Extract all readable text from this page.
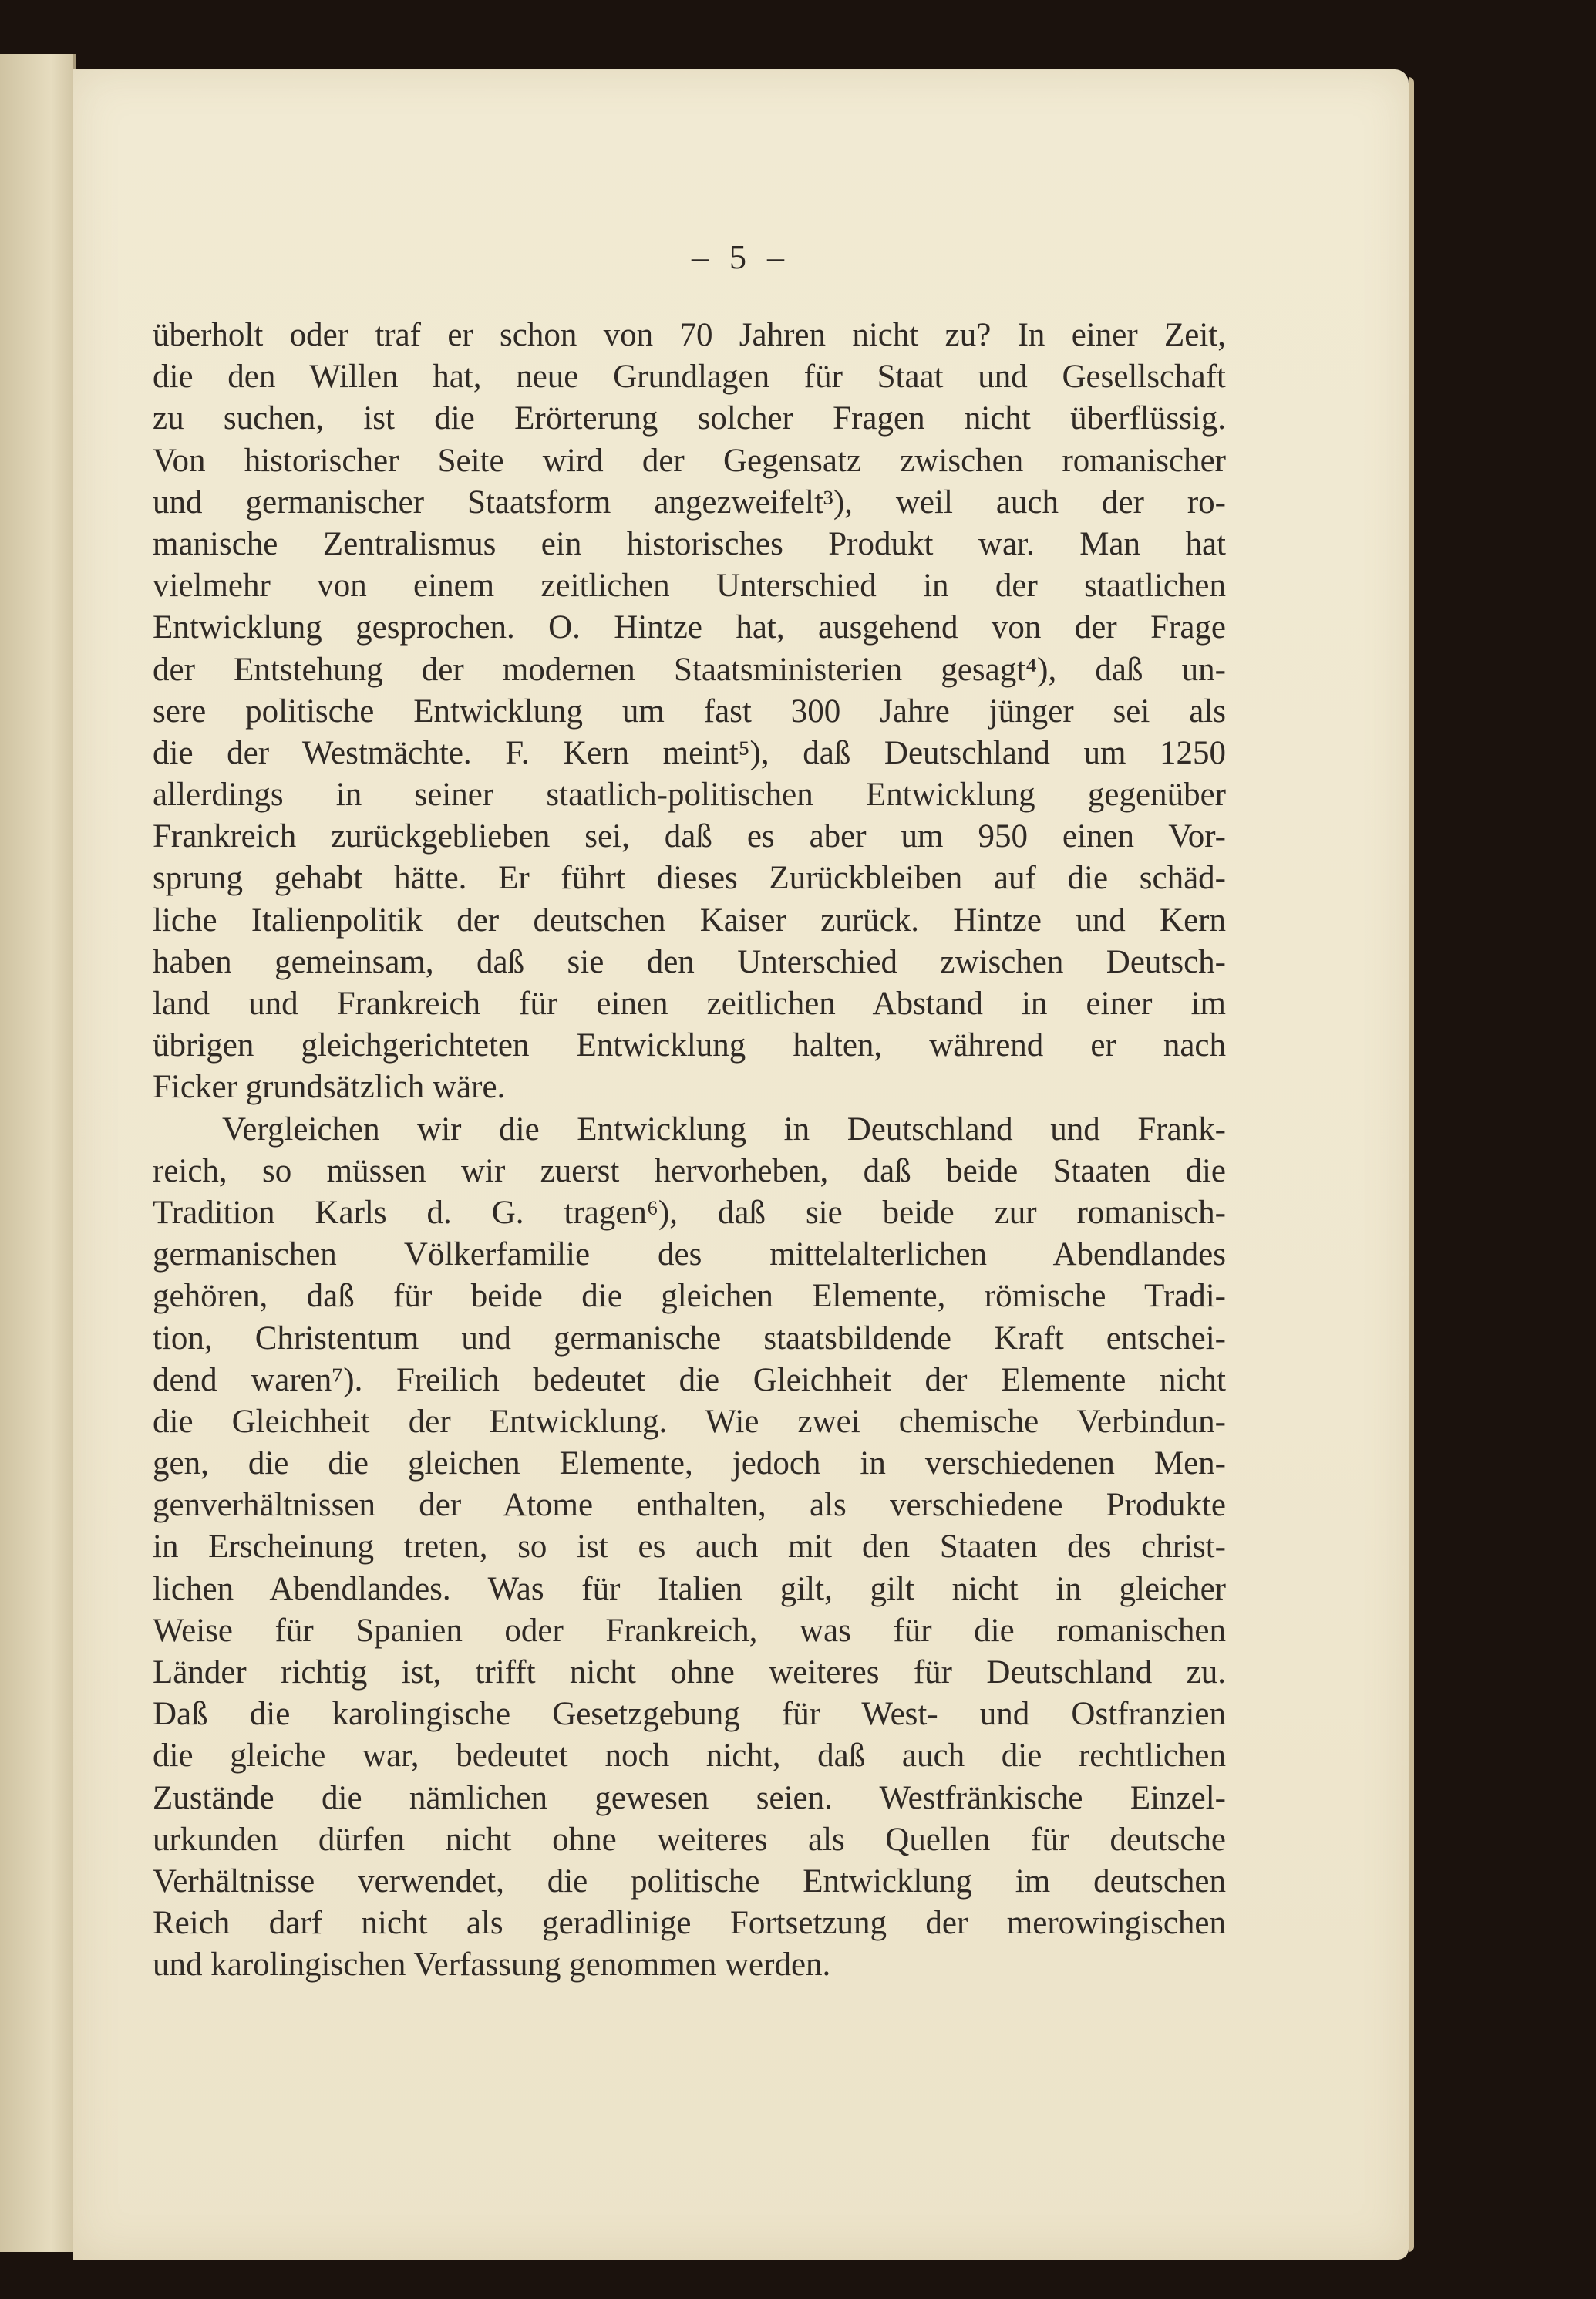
– 5 –
überholt oder traf er schon von 70 Jahren nicht zu? In einer Zeit,
die den Willen hat, neue Grundlagen für Staat und Gesellschaft
zu suchen, ist die Erörterung solcher Fragen nicht überflüssig.
Von historischer Seite wird der Gegensatz zwischen romanischer
und germanischer Staatsform angezweifelt³), weil auch der ro-
manische Zentralismus ein historisches Produkt war. Man hat
vielmehr von einem zeitlichen Unterschied in der staatlichen
Entwicklung gesprochen. O. Hintze hat, ausgehend von der Frage
der Entstehung der modernen Staatsministerien gesagt⁴), daß un-
sere politische Entwicklung um fast 300 Jahre jünger sei als
die der Westmächte. F. Kern meint⁵), daß Deutschland um 1250
allerdings in seiner staatlich-politischen Entwicklung gegenüber
Frankreich zurückgeblieben sei, daß es aber um 950 einen Vor-
sprung gehabt hätte. Er führt dieses Zurückbleiben auf die schäd-
liche Italienpolitik der deutschen Kaiser zurück. Hintze und Kern
haben gemeinsam, daß sie den Unterschied zwischen Deutsch-
land und Frankreich für einen zeitlichen Abstand in einer im
übrigen gleichgerichteten Entwicklung halten, während er nach
Ficker grundsätzlich wäre.
Vergleichen wir die Entwicklung in Deutschland und Frank-
reich, so müssen wir zuerst hervorheben, daß beide Staaten die
Tradition Karls d. G. tragen⁶), daß sie beide zur romanisch-
germanischen Völkerfamilie des mittelalterlichen Abendlandes
gehören, daß für beide die gleichen Elemente, römische Tradi-
tion, Christentum und germanische staatsbildende Kraft entschei-
dend waren⁷). Freilich bedeutet die Gleichheit der Elemente nicht
die Gleichheit der Entwicklung. Wie zwei chemische Verbindun-
gen, die die gleichen Elemente, jedoch in verschiedenen Men-
genverhältnissen der Atome enthalten, als verschiedene Produkte
in Erscheinung treten, so ist es auch mit den Staaten des christ-
lichen Abendlandes. Was für Italien gilt, gilt nicht in gleicher
Weise für Spanien oder Frankreich, was für die romanischen
Länder richtig ist, trifft nicht ohne weiteres für Deutschland zu.
Daß die karolingische Gesetzgebung für West- und Ostfranzien
die gleiche war, bedeutet noch nicht, daß auch die rechtlichen
Zustände die nämlichen gewesen seien. Westfränkische Einzel-
urkunden dürfen nicht ohne weiteres als Quellen für deutsche
Verhältnisse verwendet, die politische Entwicklung im deutschen
Reich darf nicht als geradlinige Fortsetzung der merowingischen
und karolingischen Verfassung genommen werden.
